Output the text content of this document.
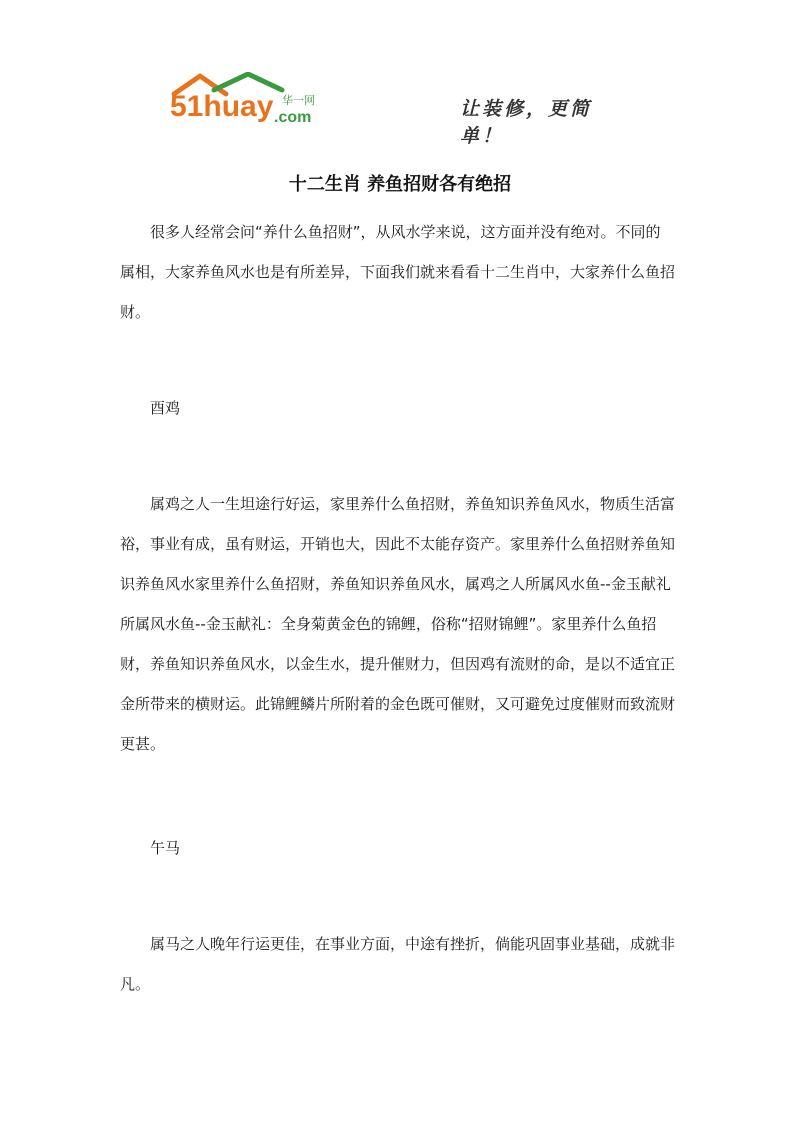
51huay .com
华一网	让装修，更简单！
十二生肖 养鱼招财各有绝招

很多人经常会问“养什么鱼招财”，从风水学来说，这方面并没有绝对。不同的属相，大家养鱼风水也是有所差异，下面我们就来看看十二生肖中，大家养什么鱼招财。

酉鸡

属鸡之人一生坦途行好运，家里养什么鱼招财，养鱼知识养鱼风水，物质生活富裕，事业有成，虽有财运，开销也大，因此不太能存资产。家里养什么鱼招财养鱼知识养鱼风水家里养什么鱼招财，养鱼知识养鱼风水，属鸡之人所属风水鱼--金玉献礼所属风水鱼--金玉献礼：全身菊黄金色的锦鲤，俗称“招财锦鲤”。家里养什么鱼招财，养鱼知识养鱼风水，以金生水，提升催财力，但因鸡有流财的命，是以不适宜正金所带来的横财运。此锦鲤鳞片所附着的金色既可催财，又可避免过度催财而致流财更甚。

午马

属马之人晚年行运更佳，在事业方面，中途有挫折，倘能巩固事业基础，成就非凡。
